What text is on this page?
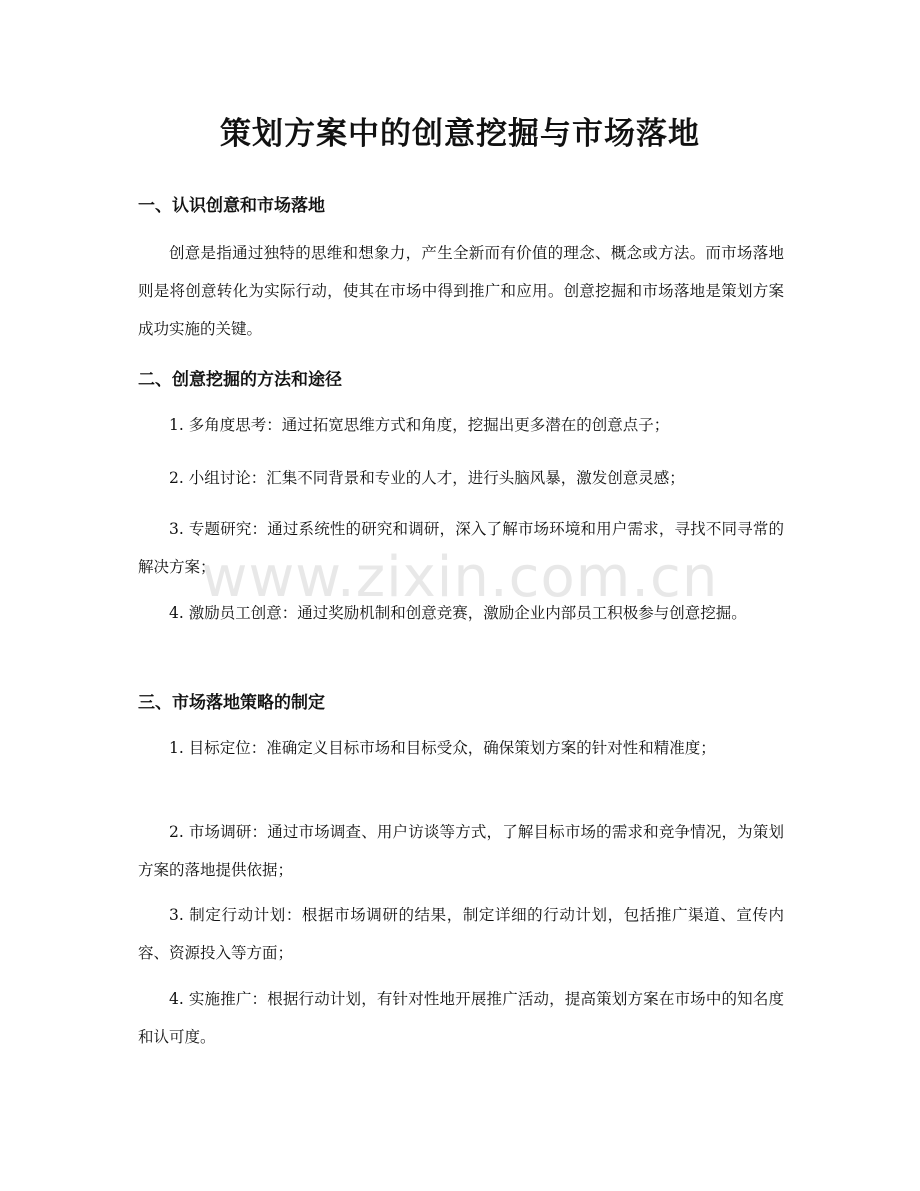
策划方案中的创意挖掘与市场落地
一、认识创意和市场落地

创意是指通过独特的思维和想象力，产生全新而有价值的理念、概念或方法。而市场落地则是将创意转化为实际行动，使其在市场中得到推广和应用。创意挖掘和市场落地是策划方案成功实施的关键。

二、创意挖掘的方法和途径

1. 多角度思考：通过拓宽思维方式和角度，挖掘出更多潜在的创意点子；

2. 小组讨论：汇集不同背景和专业的人才，进行头脑风暴，激发创意灵感；

3. 专题研究：通过系统性的研究和调研，深入了解市场环境和用户需求，寻找不同寻常的解决方案；

4. 激励员工创意：通过奖励机制和创意竞赛，激励企业内部员工积极参与创意挖掘。

三、市场落地策略的制定

1. 目标定位：准确定义目标市场和目标受众，确保策划方案的针对性和精准度；

2. 市场调研：通过市场调查、用户访谈等方式，了解目标市场的需求和竞争情况，为策划方案的落地提供依据；

3. 制定行动计划：根据市场调研的结果，制定详细的行动计划，包括推广渠道、宣传内容、资源投入等方面；

4. 实施推广：根据行动计划，有针对性地开展推广活动，提高策划方案在市场中的知名度和认可度。

www.zixin.com.cn
